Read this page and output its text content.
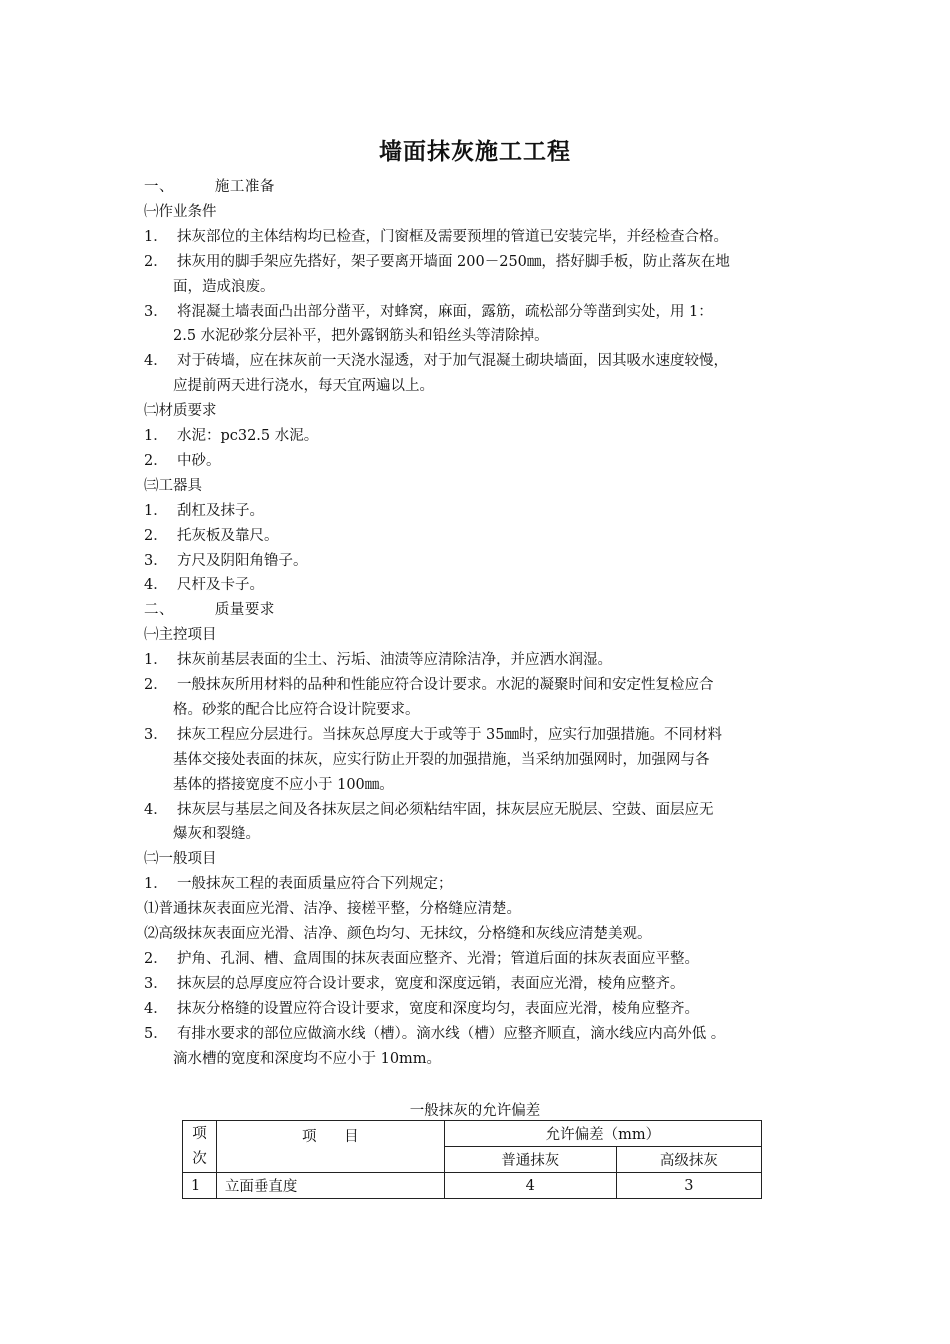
墙面抹灰施工工程
一、        施工准备
㈠作业条件
1．  抹灰部位的主体结构均已检查，门窗框及需要预埋的管道已安装完毕，并经检查合格。
2．  抹灰用的脚手架应先搭好，架子要离开墙面 200－250㎜，搭好脚手板，防止落灰在地
面，造成浪废。
3．  将混凝土墙表面凸出部分凿平，对蜂窝，麻面，露筋，疏松部分等凿到实处，用 1：
2.5 水泥砂浆分层补平，把外露钢筋头和铅丝头等清除掉。
4．  对于砖墙，应在抹灰前一天浇水湿透，对于加气混凝土砌块墙面，因其吸水速度较慢，
应提前两天进行浇水，每天宜两遍以上。
㈡材质要求
1．  水泥：pc32.5 水泥。
2．  中砂。
㈢工器具
1．  刮杠及抹子。
2．  托灰板及靠尺。
3．  方尺及阴阳角镥子。
4．  尺杆及卡子。
二、        质量要求
㈠主控项目
1．  抹灰前基层表面的尘土、污垢、油渍等应清除洁净，并应洒水润湿。
2．  一般抹灰所用材料的品种和性能应符合设计要求。水泥的凝聚时间和安定性复检应合
格。砂浆的配合比应符合设计院要求。
3．  抹灰工程应分层进行。当抹灰总厚度大于或等于 35㎜时，应实行加强措施。不同材料
基体交接处表面的抹灰，应实行防止开裂的加强措施，当采纳加强网时，加强网与各
基体的搭接宽度不应小于 100㎜。
4．  抹灰层与基层之间及各抹灰层之间必须粘结牢固，抹灰层应无脱层、空鼓、面层应无
爆灰和裂缝。
㈡一般项目
1．  一般抹灰工程的表面质量应符合下列规定；
⑴普通抹灰表面应光滑、洁净、接槎平整，分格缝应清楚。
⑵高级抹灰表面应光滑、洁净、颜色均匀、无抹纹，分格缝和灰线应清楚美观。
2．  护角、孔洞、槽、盒周围的抹灰表面应整齐、光滑；管道后面的抹灰表面应平整。
3．  抹灰层的总厚度应符合设计要求，宽度和深度远销，表面应光滑，棱角应整齐。
4．  抹灰分格缝的设置应符合设计要求，宽度和深度均匀，表面应光滑，棱角应整齐。
5．  有排水要求的部位应做滴水线（槽）。滴水线（槽）应整齐顺直，滴水线应内高外低 。
滴水槽的宽度和深度均不应小于 10mm。
一般抹灰的允许偏差
项
次	项      目	允许偏差（mm）	
		普通抹灰	高级抹灰
1	立面垂直度	4	3
